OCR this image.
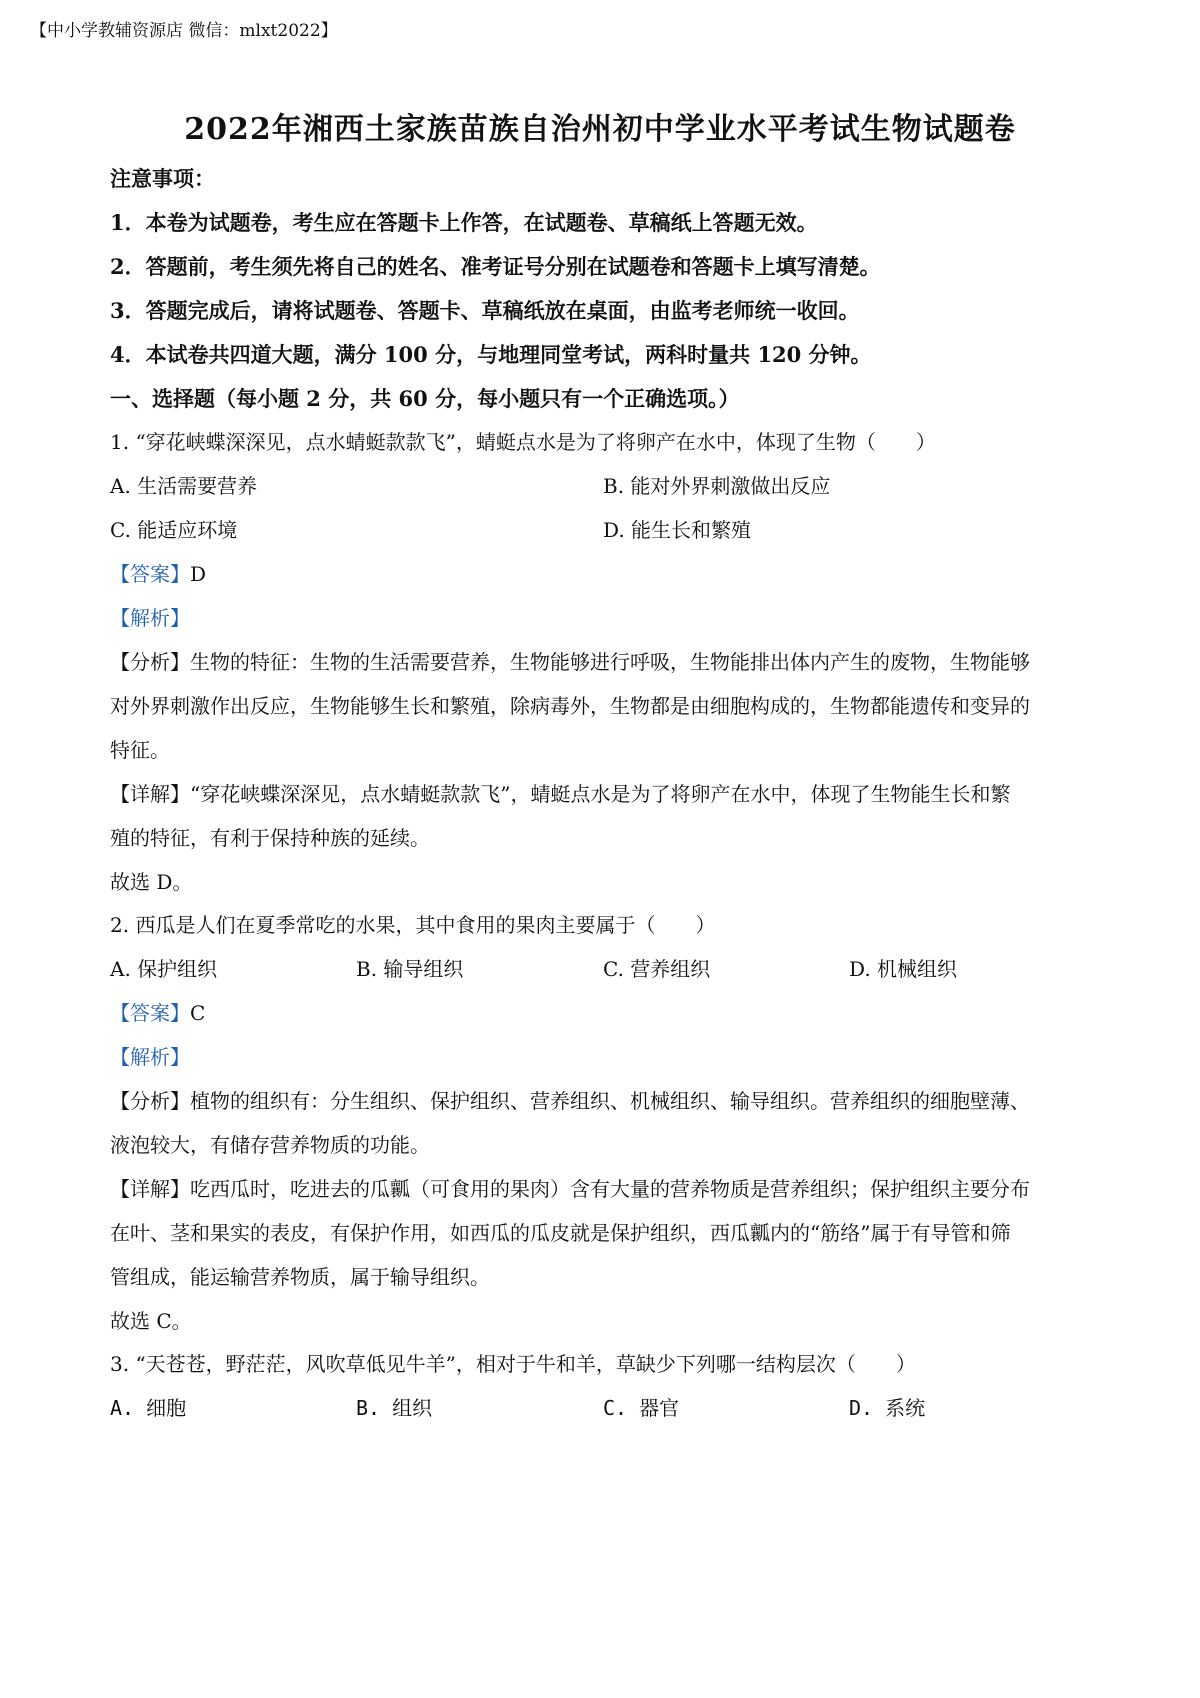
【中小学教辅资源店 微信：mlxt2022】
2022年湘西土家族苗族自治州初中学业水平考试生物试题卷
注意事项：
1．本卷为试题卷，考生应在答题卡上作答，在试题卷、草稿纸上答题无效。
2．答题前，考生须先将自己的姓名、准考证号分别在试题卷和答题卡上填写清楚。
3．答题完成后，请将试题卷、答题卡、草稿纸放在桌面，由监考老师统一收回。
4．本试卷共四道大题，满分 100 分，与地理同堂考试，两科时量共 120 分钟。
一、选择题（每小题 2 分，共 60 分，每小题只有一个正确选项。）
1. “穿花峡蝶深深见，点水蜻蜓款款飞”，蜻蜓点水是为了将卵产在水中，体现了生物（　　）
A. 生活需要营养	B. 能对外界刺激做出反应
C. 能适应环境	D. 能生长和繁殖
【答案】D
【解析】
【分析】生物的特征：生物的生活需要营养，生物能够进行呼吸，生物能排出体内产生的废物，生物能够
对外界刺激作出反应，生物能够生长和繁殖，除病毒外，生物都是由细胞构成的，生物都能遗传和变异的
特征。
【详解】“穿花峡蝶深深见，点水蜻蜓款款飞”，蜻蜓点水是为了将卵产在水中，体现了生物能生长和繁
殖的特征，有利于保持种族的延续。
故选 D。
2. 西瓜是人们在夏季常吃的水果，其中食用的果肉主要属于（　　）
A. 保护组织	B. 输导组织	C. 营养组织	D. 机械组织
【答案】C
【解析】
【分析】植物的组织有：分生组织、保护组织、营养组织、机械组织、输导组织。营养组织的细胞壁薄、
液泡较大，有储存营养物质的功能。
【详解】吃西瓜时，吃进去的瓜瓤（可食用的果肉）含有大量的营养物质是营养组织；保护组织主要分布
在叶、茎和果实的表皮，有保护作用，如西瓜的瓜皮就是保护组织，西瓜瓤内的“筋络”属于有导管和筛
管组成，能运输营养物质，属于输导组织。
故选 C。
3. “天苍苍，野茫茫，风吹草低见牛羊”，相对于牛和羊，草缺少下列哪一结构层次（　　）
A. 细胞	B. 组织	C. 器官	D. 系统
